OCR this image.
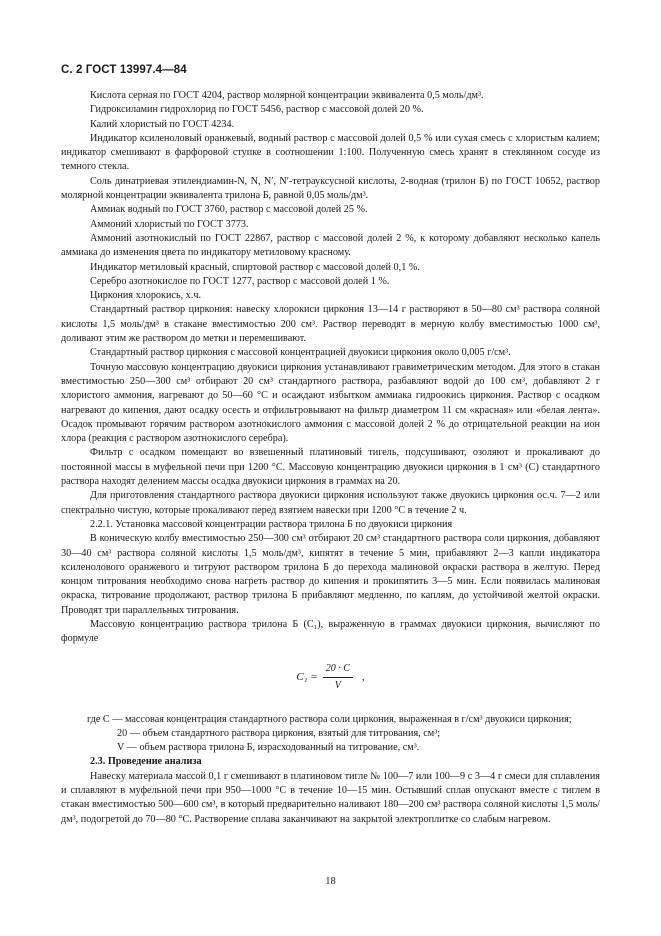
С. 2 ГОСТ 13997.4—84

Кислота серная по ГОСТ 4204, раствор молярной концентрации эквивалента 0,5 моль/дм³.

Гидроксиламин гидрохлорид по ГОСТ 5456, раствор с массовой долей 20 %.

Калий хлористый по ГОСТ 4234.

Индикатор ксиленоловый оранжевый, водный раствор с массовой долей 0,5 % или сухая смесь с хлористым калием; индикатор смешивают в фарфоровой ступке в соотношении 1:100. Полученную смесь хранят в стеклянном сосуде из темного стекла.

Соль динатриевая этилендиамин-N, N, N′, N′-тетрауксусной кислоты, 2-водная (трилон Б) по ГОСТ 10652, раствор молярной концентрации эквивалента трилона Б, равной 0,05 моль/дм³.

Аммиак водный по ГОСТ 3760, раствор с массовой долей 25 %.

Аммоний хлористый по ГОСТ 3773.

Аммоний азотнокислый по ГОСТ 22867, раствор с массовой долей 2 %, к которому добавляют несколько капель аммиака до изменения цвета по индикатору метиловому красному.

Индикатор метиловый красный, спиртовой раствор с массовой долей 0,1 %.

Серебро азотнокислое по ГОСТ 1277, раствор с массовой долей 1 %.

Циркония хлорокись, х.ч.

Стандартный раствор циркония: навеску хлорокиси циркония 13—14 г растворяют в 50—80 см³ раствора соляной кислоты 1,5 моль/дм³ в стакане вместимостью 200 см³. Раствор переводят в мерную колбу вместимостью 1000 см³, доливают этим же раствором до метки и перемешивают.

Стандартный раствор циркония с массовой концентрацией двуокиси циркония около 0,005 г/см³.

Точную массовую концентрацию двуокиси циркония устанавливают гравиметрическим методом. Для этого в стакан вместимостью 250—300 см³ отбирают 20 см³ стандартного раствора, разбавляют водой до 100 см³, добавляют 2 г хлористого аммония, нагревают до 50—60 °С и осаждают избытком аммиака гидроокись циркония. Раствор с осадком нагревают до кипения, дают осадку осесть и отфильтровывают на фильтр диаметром 11 см «красная» или «белая лента». Осадок промывают горячим раствором азотнокислого аммония с массовой долей 2 % до отрицательной реакции на ион хлора (реакция с раствором азотнокислого серебра).

Фильтр с осадком помещают во взвешенный платиновый тигель, подсушивают, озоляют и прокаливают до постоянной массы в муфельной печи при 1200 °С. Массовую концентрацию двуокиси циркония в 1 см³ (C) стандартного раствора находят делением массы осадка двуокиси циркония в граммах на 20.

Для приготовления стандартного раствора двуокиси циркония используют также двуокись циркония ос.ч. 7—2 или спектрально чистую, которые прокаливают перед взятием навески при 1200 °С в течение 2 ч.

2.2.1. Установка массовой концентрации раствора трилона Б по двуокиси циркония

В коническую колбу вместимостью 250—300 см³ отбирают 20 см³ стандартного раствора соли циркония, добавляют 30—40 см³ раствора соляной кислоты 1,5 моль/дм³, кипятят в течение 5 мин, прибавляют 2—3 капли индикатора ксиленолового оранжевого и титруют раствором трилона Б до перехода малиновой окраски раствора в желтую. Перед концом титрования необходимо снова нагреть раствор до кипения и прокипятить 3—5 мин. Если появилась малиновая окраска, титрование продолжают, раствор трилона Б прибавляют медленно, по каплям, до устойчивой желтой окраски. Проводят три параллельных титрования.

Массовую концентрацию раствора трилона Б (C₁), выраженную в граммах двуокиси циркония, вычисляют по формуле

$C_1 = \frac{20 \cdot C}{V}$ ,

где C — массовая концентрация стандартного раствора соли циркония, выраженная в г/см³ двуокиси циркония;

20 — объем стандартного раствора циркония, взятый для титрования, см³;

V — объем раствора трилона Б, израсходованный на титрование, см³.

2.3. Проведение анализа

Навеску материала массой 0,1 г смешивают в платиновом тигле № 100—7 или 100—9 с 3—4 г смеси для сплавления и сплавляют в муфельной печи при 950—1000 °С в течение 10—15 мин. Остывший сплав опускают вместе с тиглем в стакан вместимостью 500—600 см³, в который предварительно наливают 180—200 см³ раствора соляной кислоты 1,5 моль/дм³, подогретой до 70—80 °С. Растворение сплава заканчивают на закрытой электроплитке со слабым нагревом.

18
